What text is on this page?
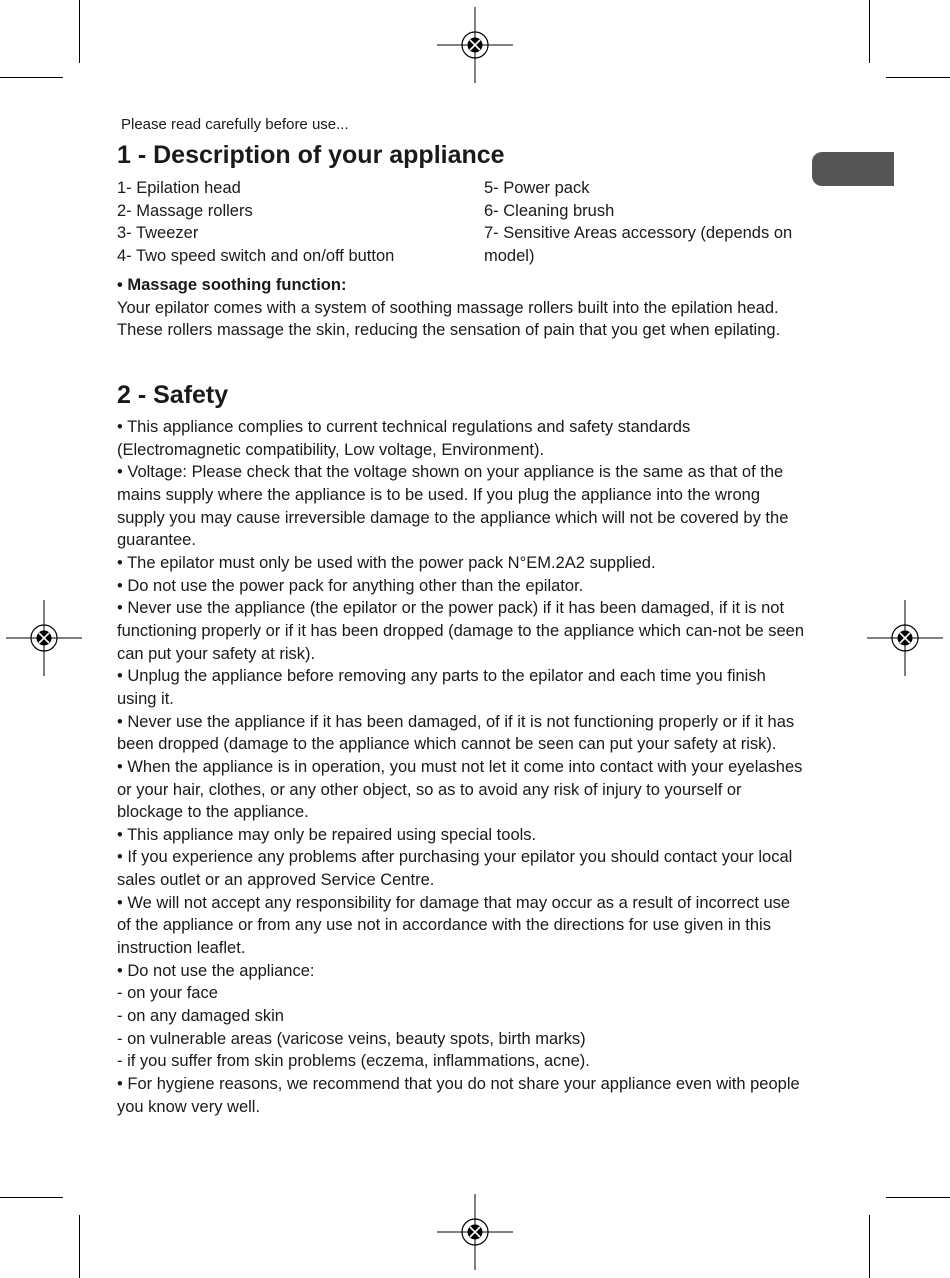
Please read carefully before use...

1 - Description of your appliance
1- Epilation head
2- Massage rollers
3- Tweezer
4- Two speed switch and on/off button
5- Power pack
6- Cleaning brush
7- Sensitive Areas accessory (depends on model)
• Massage soothing function:
Your epilator comes with a system of soothing massage rollers built into the epilation head. These rollers massage the skin, reducing the sensation of pain that you get when epilating.
2 - Safety
• This appliance complies to current technical regulations and safety standards (Electromagnetic compatibility, Low voltage, Environment).
• Voltage: Please check that the voltage shown on your appliance is the same as that of the mains supply where the appliance is to be used. If you plug the appliance into the wrong supply you may cause irreversible damage to the appliance which will not be covered by the guarantee.
• The epilator must only be used with the power pack N°EM.2A2 supplied.
• Do not use the power pack for anything other than the epilator.
• Never use the appliance (the epilator or the power pack) if it has been damaged, if it is not functioning properly or if it has been dropped (damage to the appliance which can-not be seen can put your safety at risk).
• Unplug the appliance before removing any parts to the epilator and each time you finish using it.
• Never use the appliance if it has been damaged, of if it is not functioning properly or if it has been dropped (damage to the appliance which cannot be seen can put your safety at risk).
• When the appliance is in operation, you must not let it come into contact with your eyelashes or your hair, clothes, or any other object, so as to avoid any risk of injury to yourself or blockage to the appliance.
• This appliance may only be repaired using special tools.
• If you experience any problems after purchasing your epilator you should contact your local sales outlet or an approved Service Centre.
• We will not accept any responsibility for damage that may occur as a result of incorrect use of the appliance or from any use not in accordance with the directions for use given in this instruction leaflet.
• Do not use the appliance:
- on your face
- on any damaged skin
- on vulnerable areas (varicose veins, beauty spots, birth marks)
- if you suffer from skin problems (eczema, inflammations, acne).
• For hygiene reasons, we recommend that you do not share your appliance even with people you know very well.
